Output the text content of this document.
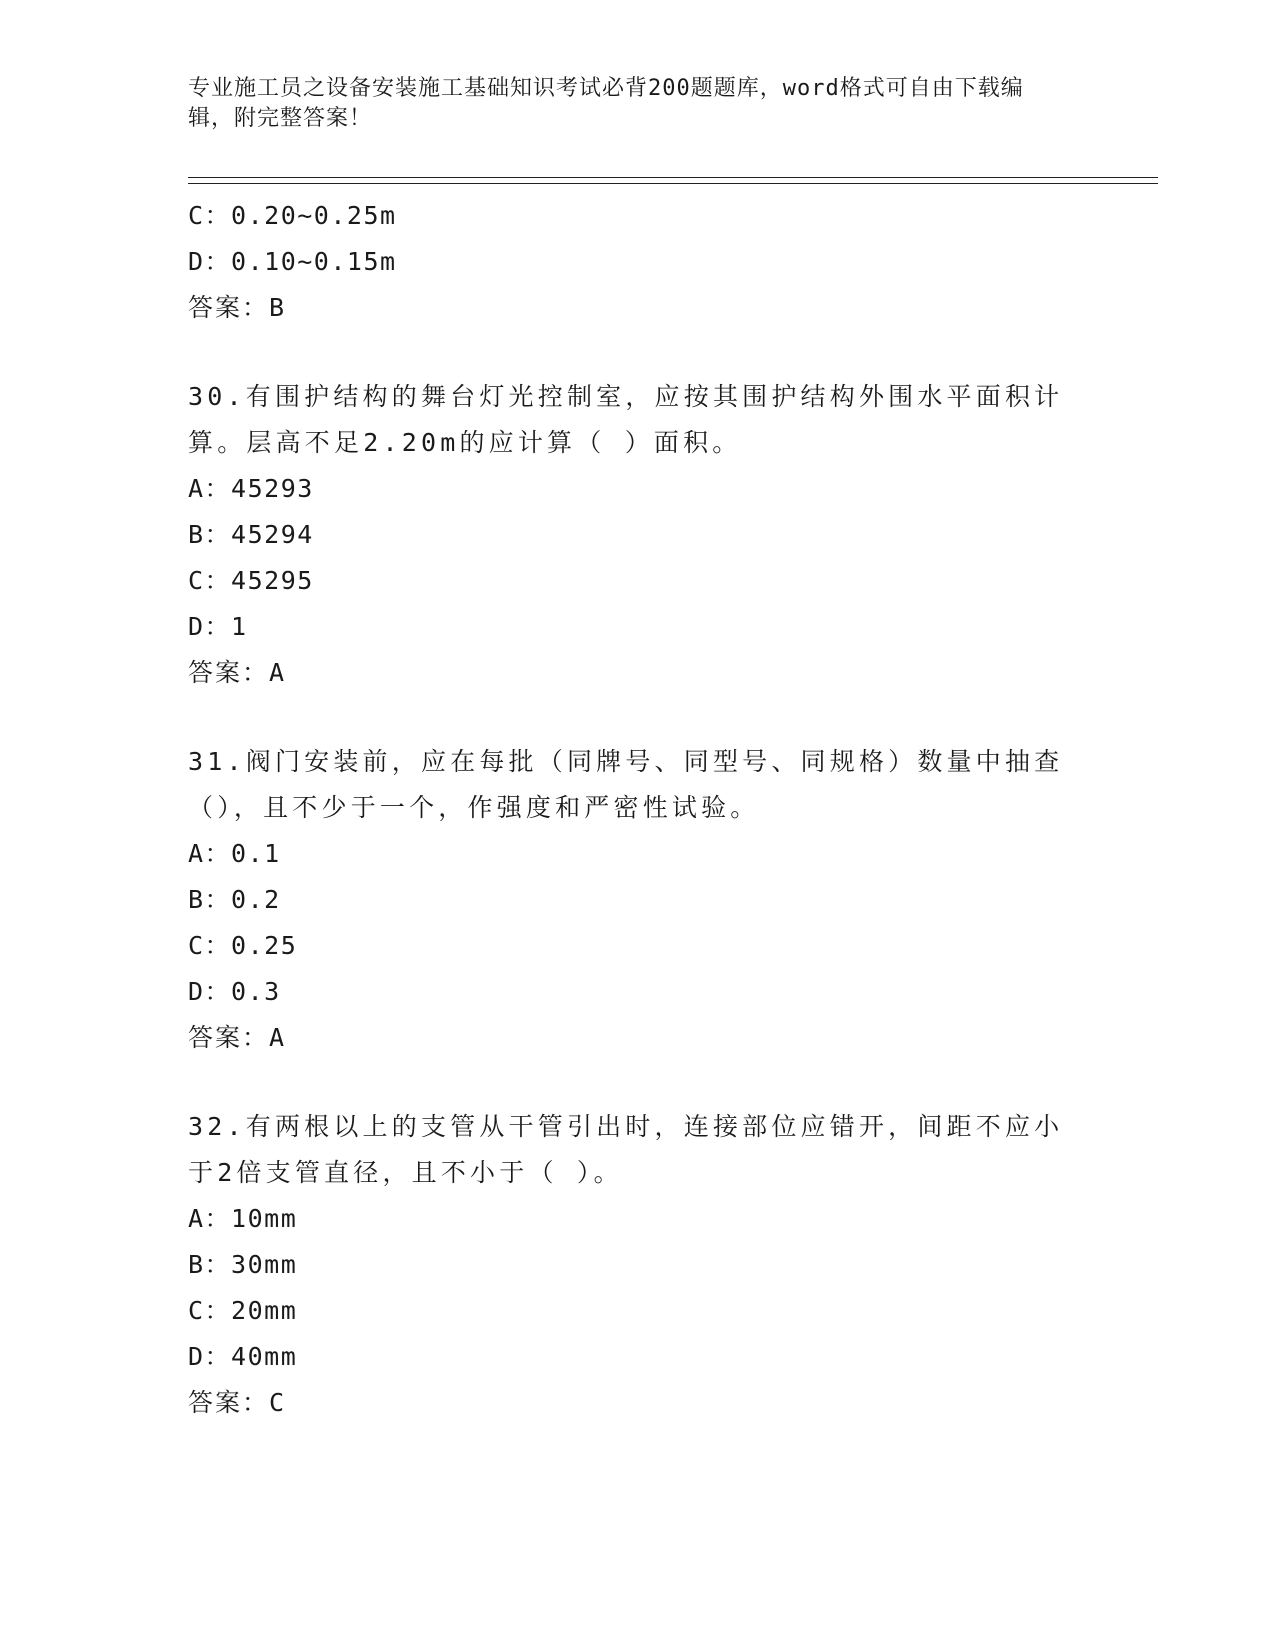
专业施工员之设备安装施工基础知识考试必背200题题库，word格式可自由下载编辑，附完整答案！
C：0.20~0.25m
D：0.10~0.15m
答案：B
30.有围护结构的舞台灯光控制室，应按其围护结构外围水平面积计算。层高不足2.20m的应计算（ ）面积。
A：45293
B：45294
C：45295
D：1
答案：A
31.阀门安装前，应在每批（同牌号、同型号、同规格）数量中抽查（），且不少于一个，作强度和严密性试验。
A：0.1
B：0.2
C：0.25
D：0.3
答案：A
32.有两根以上的支管从干管引出时，连接部位应错开，间距不应小于2倍支管直径，且不小于（ ）。
A：10mm
B：30mm
C：20mm
D：40mm
答案：C
